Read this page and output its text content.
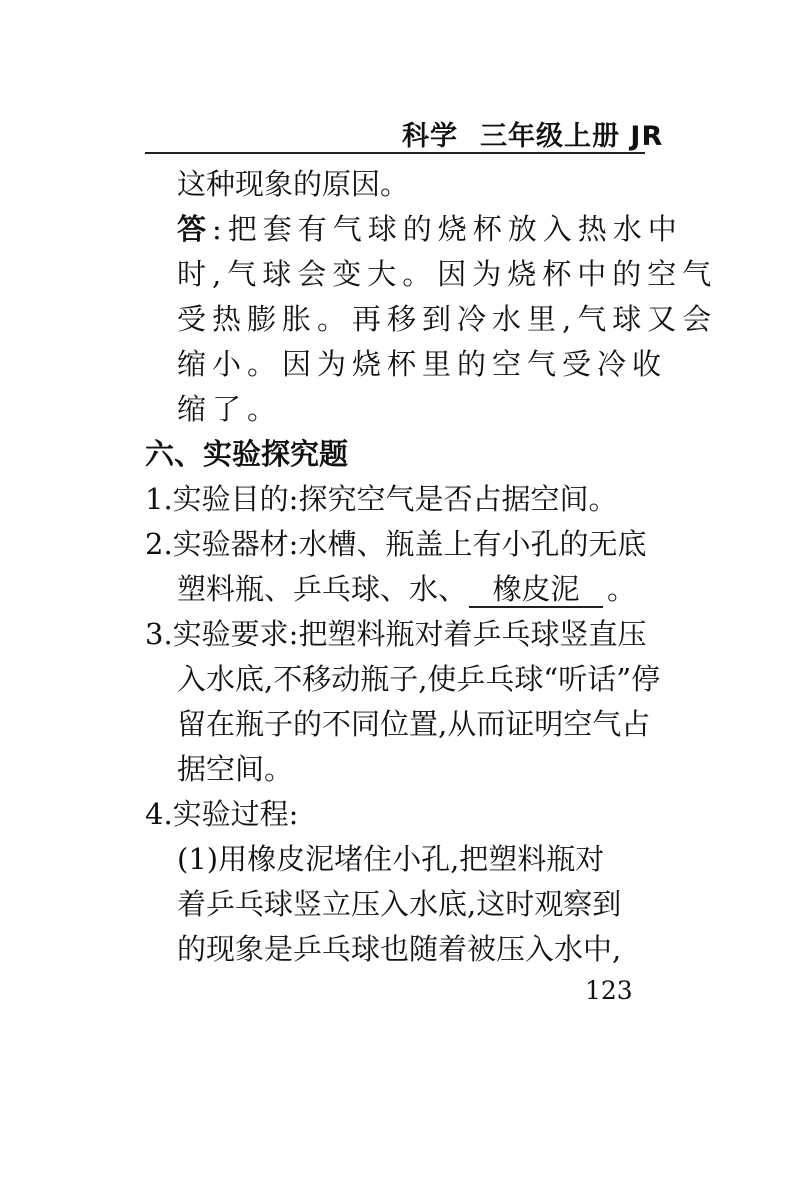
科学 三年级上册 JR
这种现象的原因。
答:把套有气球的烧杯放入热水中
时,气球会变大。因为烧杯中的空气
受热膨胀。再移到冷水里,气球又会
缩小。因为烧杯里的空气受冷收
缩了。
六、实验探究题
1.实验目的:探究空气是否占据空间。
2.实验器材:水槽、瓶盖上有小孔的无底
塑料瓶、乒乓球、水、 橡皮泥 。
3.实验要求:把塑料瓶对着乒乓球竖直压
入水底,不移动瓶子,使乒乓球“听话”停
留在瓶子的不同位置,从而证明空气占
据空间。
4.实验过程:
(1)用橡皮泥堵住小孔,把塑料瓶对
着乒乓球竖立压入水底,这时观察到
的现象是乒乓球也随着被压入水中,
123
